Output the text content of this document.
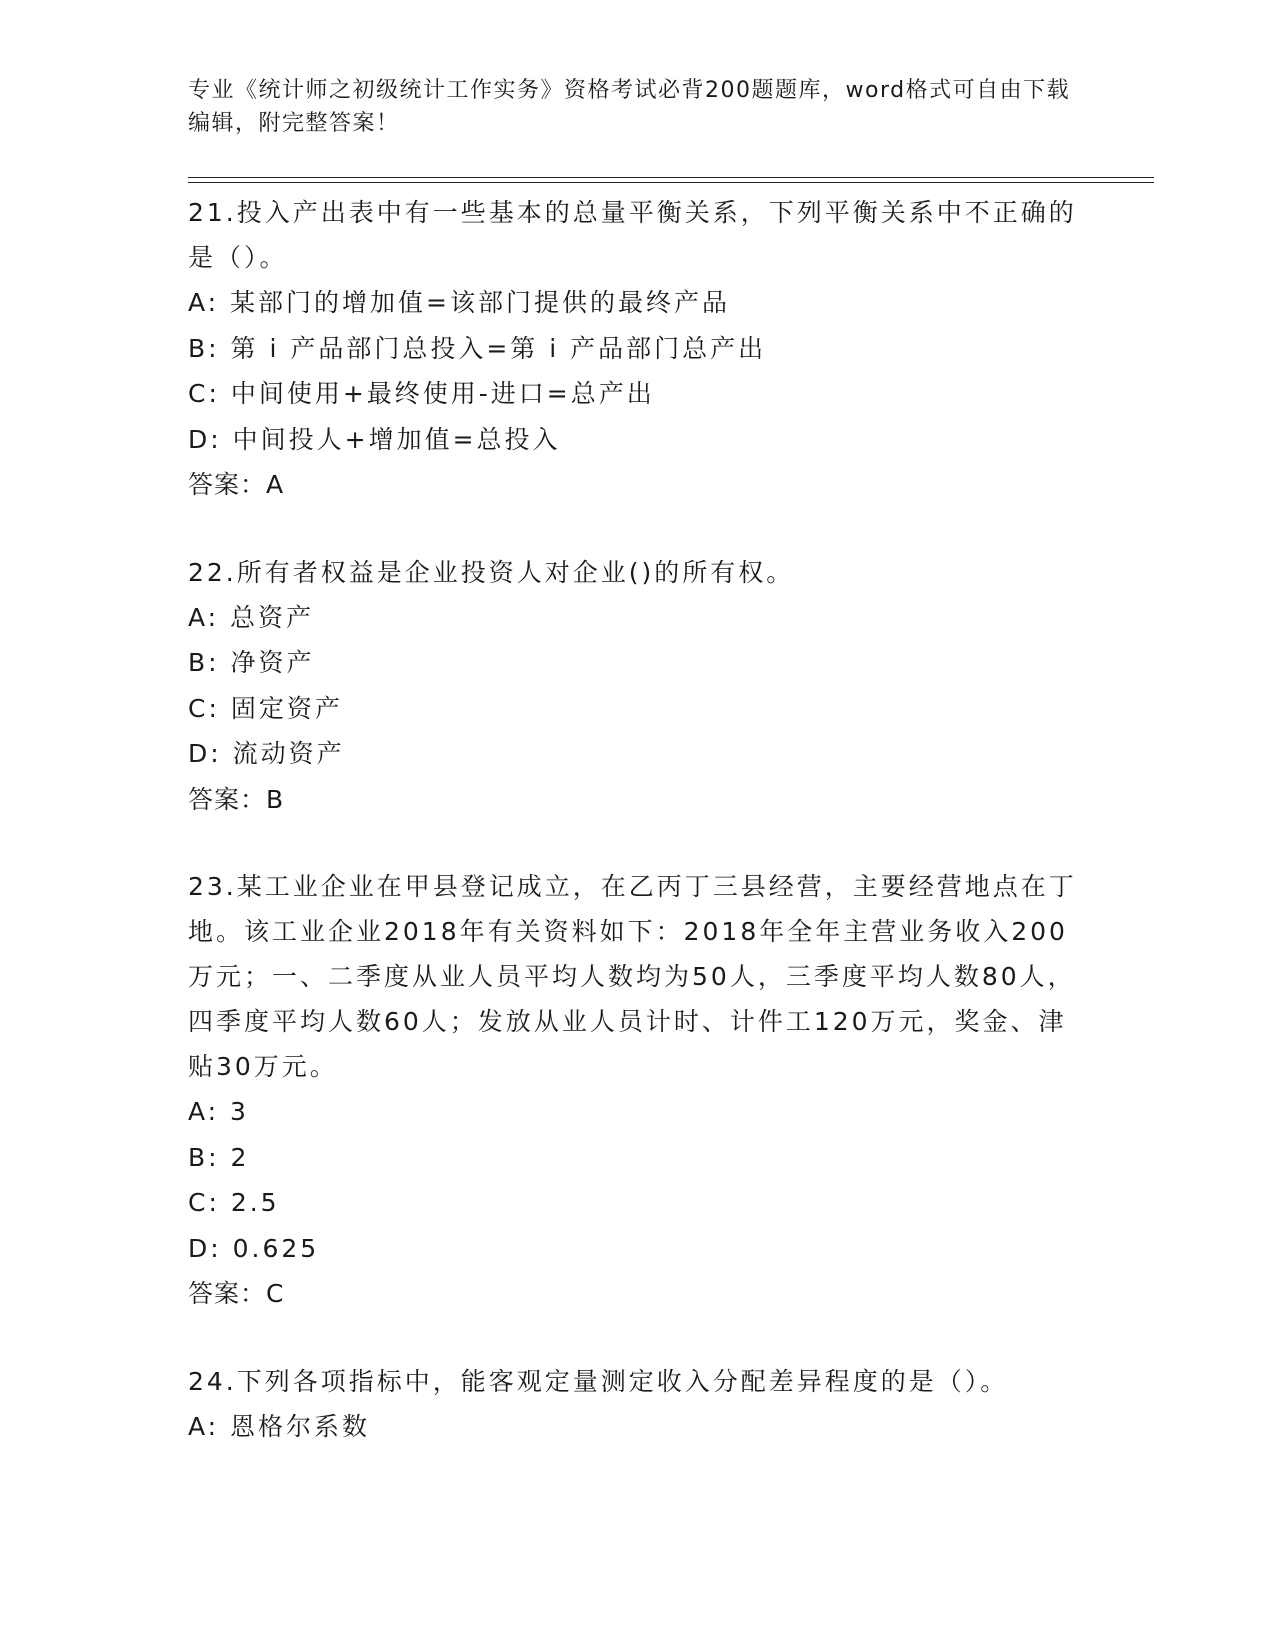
专业《统计师之初级统计工作实务》资格考试必背200题题库，word格式可自由下载编辑，附完整答案！

21.投入产出表中有一些基本的总量平衡关系，下列平衡关系中不正确的是（）。

A: 某部门的增加值=该部门提供的最终产品

B: 第 i 产品部门总投入=第 i 产品部门总产出

C: 中间使用+最终使用-进口=总产出

D: 中间投人+增加值=总投入

答案：A

22.所有者权益是企业投资人对企业()的所有权。

A: 总资产

B: 净资产

C: 固定资产

D: 流动资产

答案：B

23.某工业企业在甲县登记成立，在乙丙丁三县经营，主要经营地点在丁地。该工业企业2018年有关资料如下：2018年全年主营业务收入200万元；一、二季度从业人员平均人数均为50人，三季度平均人数80人，四季度平均人数60人；发放从业人员计时、计件工120万元，奖金、津贴30万元。

A: 3

B: 2

C: 2.5

D: 0.625

答案：C

24.下列各项指标中，能客观定量测定收入分配差异程度的是（）。

A: 恩格尔系数
